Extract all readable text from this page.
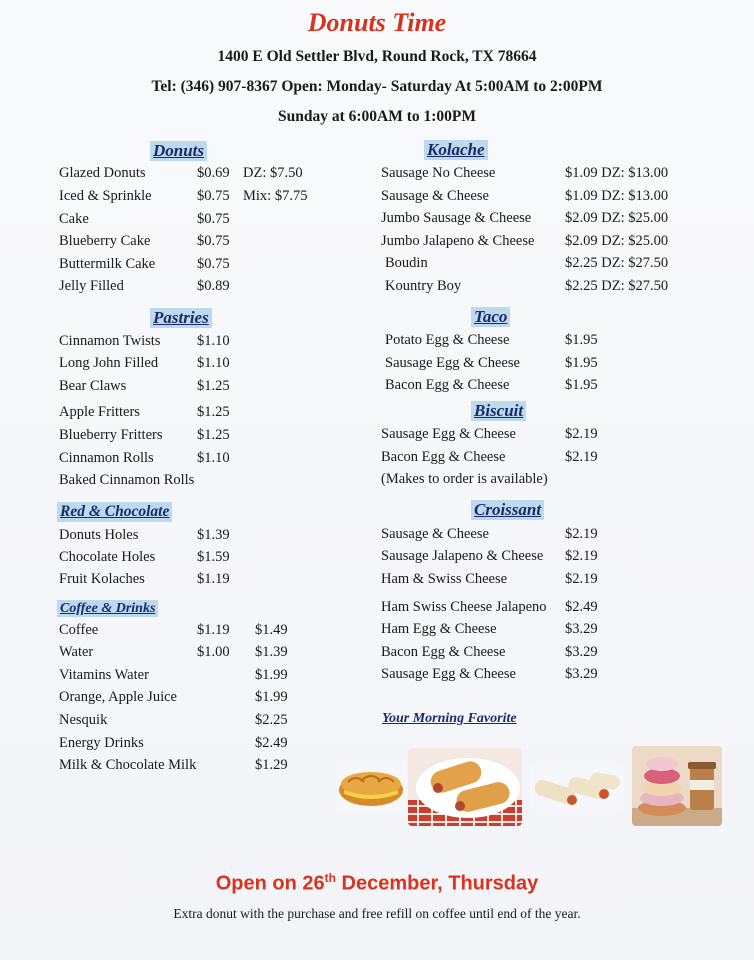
Donuts Time
1400 E Old Settler Blvd, Round Rock, TX 78664
Tel: (346) 907-8367 Open: Monday- Saturday At 5:00AM to 2:00PM
Sunday at 6:00AM to 1:00PM
Donuts
Glazed Donuts	$0.69 DZ: $7.50
Iced & Sprinkle	$0.75 Mix: $7.75
Cake	$0.75
Blueberry Cake	$0.75
Buttermilk Cake	$0.75
Jelly Filled	$0.89
Pastries
Cinnamon Twists	$1.10
Long John Filled	$1.10
Bear Claws	$1.25
Apple Fritters	$1.25
Blueberry Fritters $1.25
Cinnamon Rolls	$1.10
Baked Cinnamon Rolls
Red & Chocolate
Donuts Holes	$1.39
Chocolate Holes	$1.59
Fruit Kolaches	$1.19
Coffee & Drinks
Coffee	$1.19 $1.49
Water	$1.00 $1.39
Vitamins Water	$1.99
Orange, Apple Juice	$1.99
Nesquik	$2.25
Energy Drinks	$2.49
Milk & Chocolate Milk	$1.29
Kolache
Sausage No Cheese	$1.09 DZ: $13.00
Sausage & Cheese	$1.09 DZ: $13.00
Jumbo Sausage & Cheese $2.09 DZ: $25.00
Jumbo Jalapeno & Cheese $2.09 DZ: $25.00
Boudin	$2.25 DZ: $27.50
Kountry Boy	$2.25 DZ: $27.50
Taco
Potato Egg & Cheese	$1.95
Sausage Egg & Cheese	$1.95
Bacon Egg & Cheese	$1.95
Biscuit
Sausage Egg & Cheese	$2.19
Bacon Egg & Cheese	$2.19
(Makes to order is available)
Croissant
Sausage & Cheese	$2.19
Sausage Jalapeno & Cheese $2.19
Ham & Swiss Cheese	$2.19
Ham Swiss Cheese Jalapeno $2.49
Ham Egg & Cheese	$3.29
Bacon Egg & Cheese	$3.29
Sausage Egg & Cheese	$3.29
Your Morning Favorite
Open on 26th December, Thursday
Extra donut with the purchase and free refill on coffee until end of the year.
